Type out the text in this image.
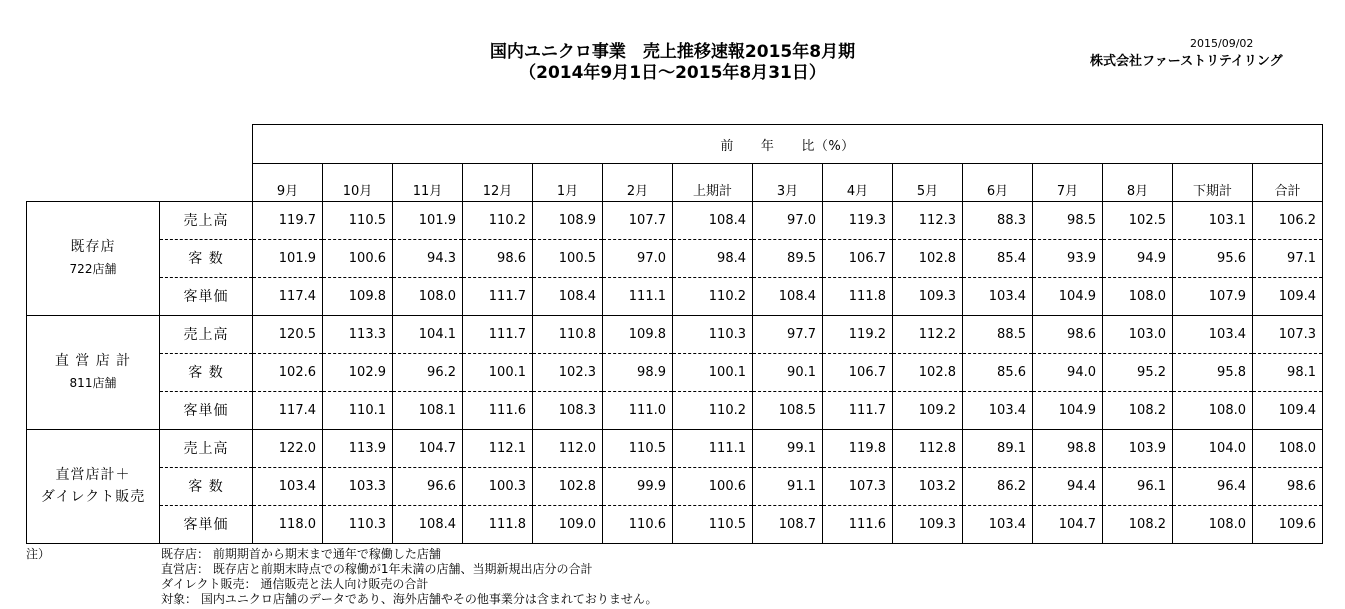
国内ユニクロ事業　売上推移速報2015年8月期
（2014年9月1日～2015年8月31日）
2015/09/02
株式会社ファーストリテイリング
		前　　年　　比（%）														
		9月	10月	11月	12月	1月	2月	上期計	3月	4月	5月	6月	7月	8月	下期計	合計

既存店
722店舗	売上高	119.7	110.5	101.9	110.2	108.9	107.7	108.4	97.0	119.3	112.3	88.3	98.5	102.5	103.1	106.2
	客 数	101.9	100.6	94.3	98.6	100.5	97.0	98.4	89.5	106.7	102.8	85.4	93.9	94.9	95.6	97.1
	客単価	117.4	109.8	108.0	111.7	108.4	111.1	110.2	108.4	111.8	109.3	103.4	104.9	108.0	107.9	109.4

直 営 店 計
811店舗	売上高	120.5	113.3	104.1	111.7	110.8	109.8	110.3	97.7	119.2	112.2	88.5	98.6	103.0	103.4	107.3
	客 数	102.6	102.9	96.2	100.1	102.3	98.9	100.1	90.1	106.7	102.8	85.6	94.0	95.2	95.8	98.1
	客単価	117.4	110.1	108.1	111.6	108.3	111.0	110.2	108.5	111.7	109.2	103.4	104.9	108.2	108.0	109.4

直営店計＋
ダイレクト販売	売上高	122.0	113.9	104.7	112.1	112.0	110.5	111.1	99.1	119.8	112.8	89.1	98.8	103.9	104.0	108.0
	客 数	103.4	103.3	96.6	100.3	102.8	99.9	100.6	91.1	107.3	103.2	86.2	94.4	96.1	96.4	98.6
	客単価	118.0	110.3	108.4	111.8	109.0	110.6	110.5	108.7	111.6	109.3	103.4	104.7	108.2	108.0	109.6
注）	既存店： 前期期首から期末まで通年で稼働した店舗
直営店： 既存店と前期末時点での稼働が1年未満の店舗、当期新規出店分の合計
ダイレクト販売： 通信販売と法人向け販売の合計
対象： 国内ユニクロ店舗のデータであり、海外店舗やその他事業分は含まれておりません。
